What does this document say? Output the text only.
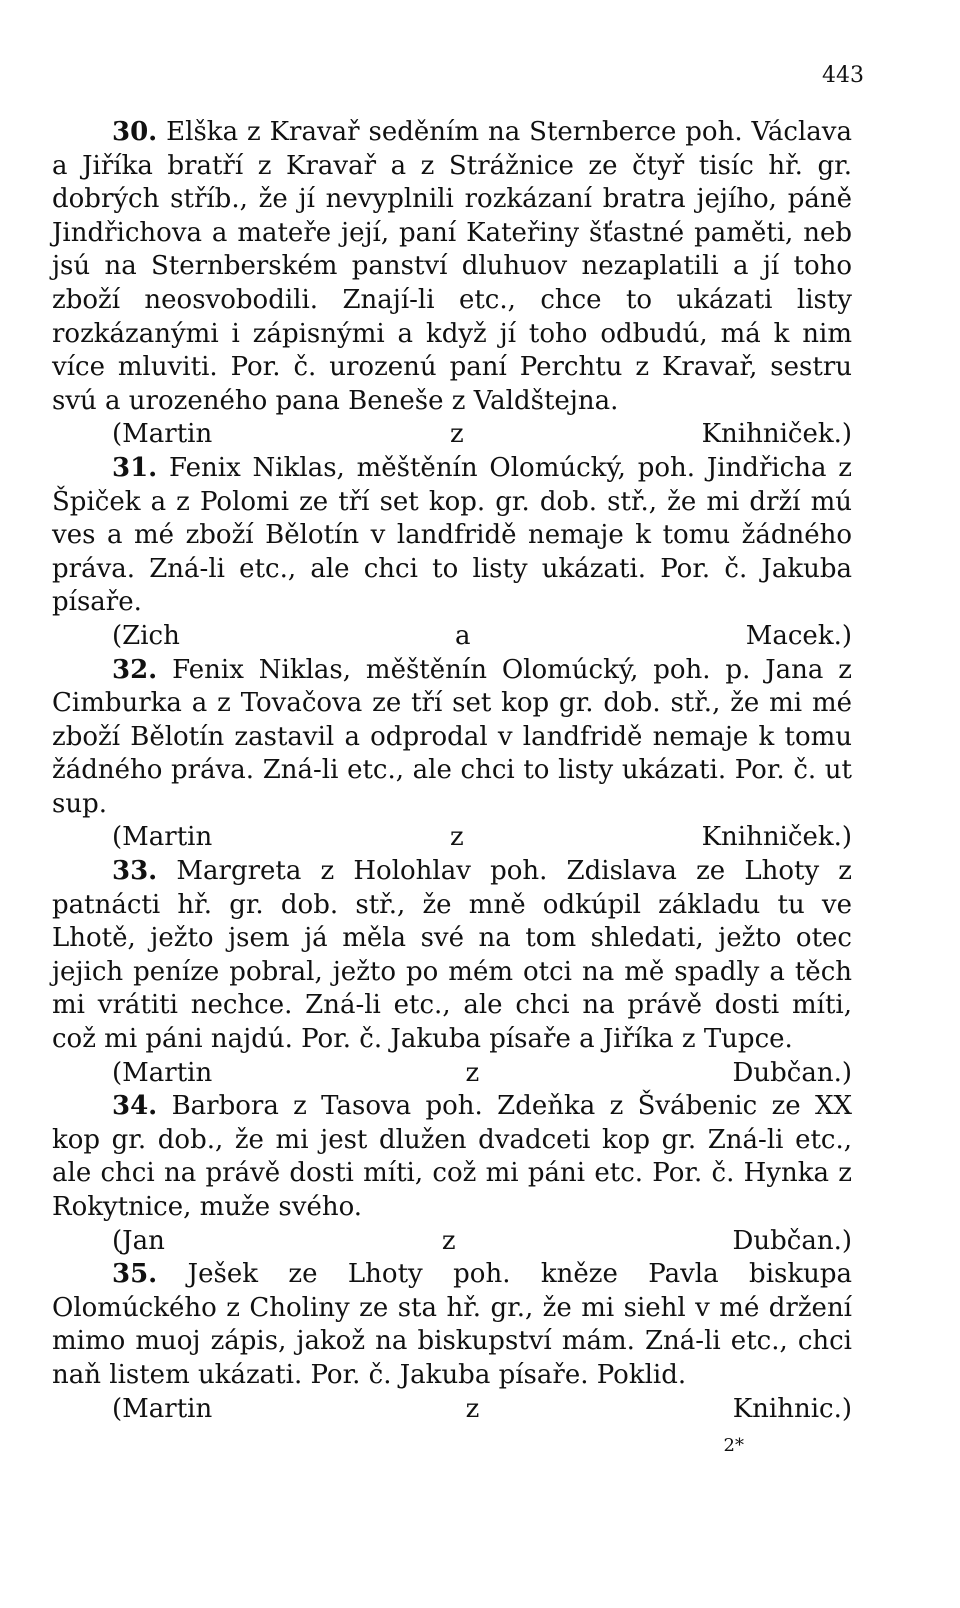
443

30. Elška z Kravař seděním na Sternberce poh. Václava a Jiříka bratří z Kravař a z Strážnice ze čtyř tisíc hř. gr. dobrých stříb., že jí nevyplnili rozkázaní bratra jejího, páně Jindřichova a mateře její, paní Kateřiny šťastné paměti, neb jsú na Sternberském panství dluhuov nezaplatili a jí toho zboží neosvobodili. Znají-li etc., chce to ukázati listy rozkázanými i zápisnými a když jí toho odbudú, má k nim více mluviti. Por. č. urozenú paní Perchtu z Kravař, sestru svú a urozeného pana Beneše z Valdštejna.

(Martin z Knihniček.)

31. Fenix Niklas, měštěnín Olomúcký, poh. Jindřicha z Špiček a z Polomi ze tří set kop. gr. dob. stř., že mi drží mú ves a mé zboží Bělotín v landfridě nemaje k tomu žádného práva. Zná-li etc., ale chci to listy ukázati. Por. č. Jakuba písaře.

(Zich a Macek.)

32. Fenix Niklas, měštěnín Olomúcký, poh. p. Jana z Cimburka a z Tovačova ze tří set kop gr. dob. stř., že mi mé zboží Bělotín zastavil a odprodal v landfridě nemaje k tomu žádného práva. Zná-li etc., ale chci to listy ukázati. Por. č. ut sup.

(Martin z Knihniček.)

33. Margreta z Holohlav poh. Zdislava ze Lhoty z patnácti hř. gr. dob. stř., že mně odkúpil základu tu ve Lhotě, ježto jsem já měla své na tom shledati, ježto otec jejich peníze pobral, ježto po mém otci na mě spadly a těch mi vrátiti nechce. Zná-li etc., ale chci na právě dosti míti, což mi páni najdú. Por. č. Jakuba písaře a Jiříka z Tupce.

(Martin z Dubčan.)

34. Barbora z Tasova poh. Zdeňka z Švábenic ze XX kop gr. dob., že mi jest dlužen dvadceti kop gr. Zná-li etc., ale chci na právě dosti míti, což mi páni etc. Por. č. Hynka z Rokytnice, muže svého.

(Jan z Dubčan.)

35. Ješek ze Lhoty poh. kněze Pavla biskupa Olomúckého z Choliny ze sta hř. gr., že mi siehl v mé držení mimo muoj zápis, jakož na biskupství mám. Zná-li etc., chci naň listem ukázati. Por. č. Jakuba písaře. Poklid.

(Martin z Knihnic.)

2*
